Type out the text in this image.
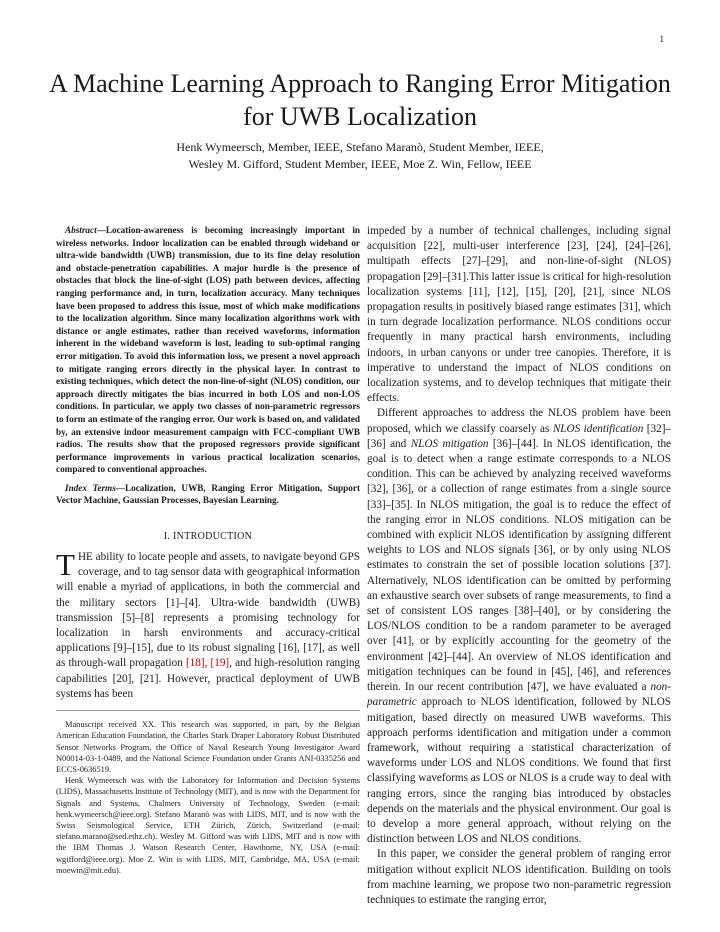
1
A Machine Learning Approach to Ranging Error Mitigation for UWB Localization

Henk Wymeersch, Member, IEEE, Stefano Maranò, Student Member, IEEE,

Wesley M. Gifford, Student Member, IEEE, Moe Z. Win, Fellow, IEEE

Abstract—Location-awareness is becoming increasingly important in wireless networks. Indoor localization can be enabled through wideband or ultra-wide bandwidth (UWB) transmission, due to its fine delay resolution and obstacle-penetration capabilities. A major hurdle is the presence of obstacles that block the line-of-sight (LOS) path between devices, affecting ranging performance and, in turn, localization accuracy. Many techniques have been proposed to address this issue, most of which make modifications to the localization algorithm. Since many localization algorithms work with distance or angle estimates, rather than received waveforms, information inherent in the wideband waveform is lost, leading to sub-optimal ranging error mitigation. To avoid this information loss, we present a novel approach to mitigate ranging errors directly in the physical layer. In contrast to existing techniques, which detect the non-line-of-sight (NLOS) condition, our approach directly mitigates the bias incurred in both LOS and non-LOS conditions. In particular, we apply two classes of non-parametric regressors to form an estimate of the ranging error. Our work is based on, and validated by, an extensive indoor measurement campaign with FCC-compliant UWB radios. The results show that the proposed regressors provide significant performance improvements in various practical localization scenarios, compared to conventional approaches.

Index Terms—Localization, UWB, Ranging Error Mitigation, Support Vector Machine, Gaussian Processes, Bayesian Learning.

I. INTRODUCTION

THE ability to locate people and assets, to navigate beyond GPS coverage, and to tag sensor data with geographical information will enable a myriad of applications, in both the commercial and the military sectors [1]–[4]. Ultra-wide bandwidth (UWB) transmission [5]–[8] represents a promising technology for localization in harsh environments and accuracy-critical applications [9]–[15], due to its robust signaling [16], [17], as well as through-wall propagation [18], [19], and high-resolution ranging capabilities [20], [21]. However, practical deployment of UWB systems has been

Manuscript received XX. This research was supported, in part, by the Belgian American Education Foundation, the Charles Stark Draper Laboratory Robust Distributed Sensor Networks Program, the Office of Naval Research Young Investigator Award N00014-03-1-0489, and the National Science Foundation under Grants ANI-0335256 and ECCS-0636519.

Henk Wymeersch was with the Laboratory for Information and Decision Systems (LIDS), Massachusetts Institute of Technology (MIT), and is now with the Department for Signals and Systems, Chalmers University of Technology, Sweden (e-mail: henk.wymeersch@ieee.org). Stefano Maranò was with LIDS, MIT, and is now with the Swiss Seismological Service, ETH Zürich, Zürich, Switzerland (e-mail: stefano.marano@sed.ethz.ch). Wesley M. Gifford was with LIDS, MIT and is now with the IBM Thomas J. Watson Research Center, Hawthorne, NY, USA (e-mail: wgifford@ieee.org). Moe Z. Win is with LIDS, MIT, Cambridge, MA, USA (e-mail: moewin@mit.edu).

impeded by a number of technical challenges, including signal acquisition [22], multi-user interference [23], [24], [24]–[26], multipath effects [27]–[29], and non-line-of-sight (NLOS) propagation [29]–[31].This latter issue is critical for high-resolution localization systems [11], [12], [15], [20], [21], since NLOS propagation results in positively biased range estimates [31], which in turn degrade localization performance. NLOS conditions occur frequently in many practical harsh environments, including indoors, in urban canyons or under tree canopies. Therefore, it is imperative to understand the impact of NLOS conditions on localization systems, and to develop techniques that mitigate their effects.

Different approaches to address the NLOS problem have been proposed, which we classify coarsely as NLOS identification [32]–[36] and NLOS mitigation [36]–[44]. In NLOS identification, the goal is to detect when a range estimate corresponds to a NLOS condition. This can be achieved by analyzing received waveforms [32], [36], or a collection of range estimates from a single source [33]–[35]. In NLOS mitigation, the goal is to reduce the effect of the ranging error in NLOS conditions. NLOS mitigation can be combined with explicit NLOS identification by assigning different weights to LOS and NLOS signals [36], or by only using NLOS estimates to constrain the set of possible location solutions [37]. Alternatively, NLOS identification can be omitted by performing an exhaustive search over subsets of range measurements, to find a set of consistent LOS ranges [38]–[40], or by considering the LOS/NLOS condition to be a random parameter to be averaged over [41], or by explicitly accounting for the geometry of the environment [42]–[44]. An overview of NLOS identification and mitigation techniques can be found in [45], [46], and references therein. In our recent contribution [47], we have evaluated a non-parametric approach to NLOS identification, followed by NLOS mitigation, based directly on measured UWB waveforms. This approach performs identification and mitigation under a common framework, without requiring a statistical characterization of waveforms under LOS and NLOS conditions. We found that first classifying waveforms as LOS or NLOS is a crude way to deal with ranging errors, since the ranging bias introduced by obstacles depends on the materials and the physical environment. Our goal is to develop a more general approach, without relying on the distinction between LOS and NLOS conditions.

In this paper, we consider the general problem of ranging error mitigation without explicit NLOS identification. Building on tools from machine learning, we propose two non-parametric regression techniques to estimate the ranging error,
